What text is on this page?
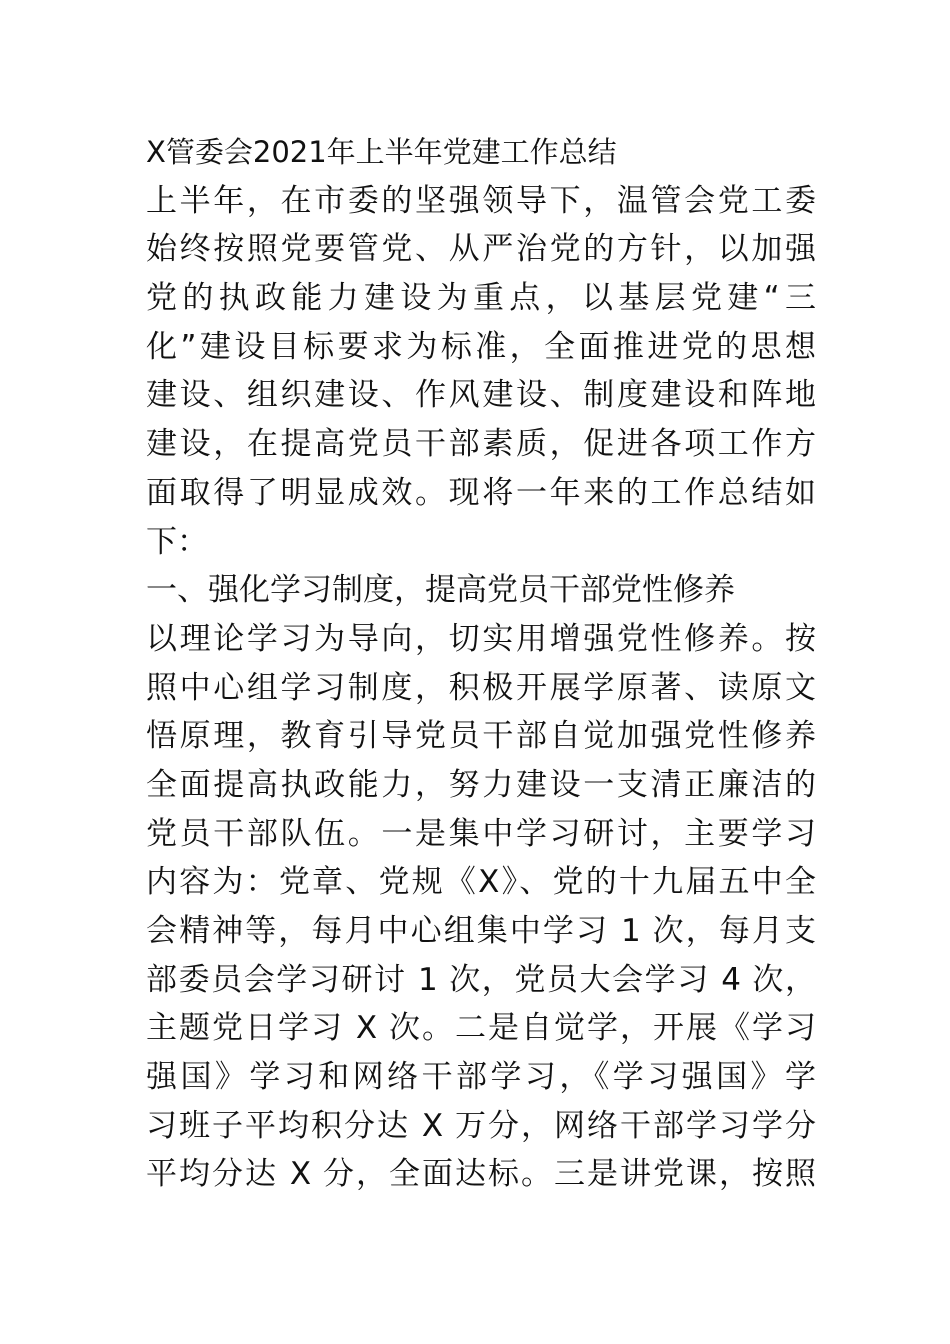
X管委会2021年上半年党建工作总结
上半年，在市委的坚强领导下，温管会党工委
始终按照党要管党、从严治党的方针，以加强
党的执政能力建设为重点，以基层党建“三
化”建设目标要求为标准，全面推进党的思想
建设、组织建设、作风建设、制度建设和阵地
建设，在提高党员干部素质，促进各项工作方
面取得了明显成效。现将一年来的工作总结如
下：
一、强化学习制度，提高党员干部党性修养
以理论学习为导向，切实用增强党性修养。按
照中心组学习制度，积极开展学原著、读原文
悟原理，教育引导党员干部自觉加强党性修养
全面提高执政能力，努力建设一支清正廉洁的
党员干部队伍。一是集中学习研讨，主要学习
内容为：党章、党规《X》、党的十九届五中全
会精神等，每月中心组集中学习 1 次，每月支
部委员会学习研讨 1 次，党员大会学习 4 次，
主题党日学习 X 次。二是自觉学，开展《学习
强国》学习和网络干部学习，《学习强国》学
习班子平均积分达 X 万分，网络干部学习学分
平均分达 X 分，全面达标。三是讲党课，按照
